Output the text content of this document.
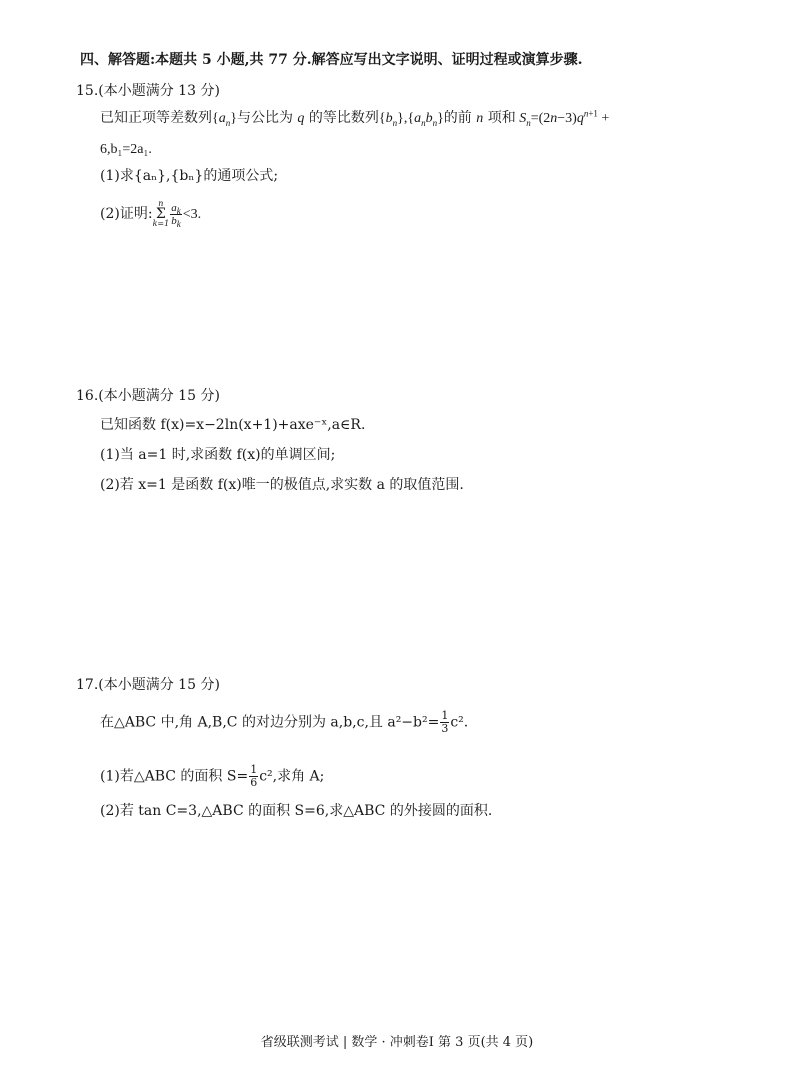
四、解答题:本题共 5 小题,共 77 分.解答应写出文字说明、证明过程或演算步骤.
15.(本小题满分 13 分)
已知正项等差数列$\{a_n\}$与公比为 q 的等比数列$\{b_n\},\{a_nb_n\}$的前 n 项和 $S_n=(2n-3)q^{n+1}$ +
6,b₁=2a₁.
(1)求{aₙ},{bₙ}的通项公式;
(2)证明:
n
Σ
$k=1 \frac{a_k}{b_k} <3$.
16.(本小题满分 15 分)
已知函数 f(x)=x−2ln(x+1)+axe⁻ˣ,a∈R.
(1)当 a=1 时,求函数 f(x)的单调区间;
(2)若 x=1 是函数 f(x)唯一的极值点,求实数 a 的取值范围.
17.(本小题满分 15 分)
在△ABC 中,角 A,B,C 的对边分别为 a,b,c,且 $a^2-b^2= \frac{1}{3} c^2$.
(1)若△ABC 的面积 $S= \frac{1}{6} c^2$,求角 A;
(2)若 tan C=3,△ABC 的面积 S=6,求△ABC 的外接圆的面积.
省级联测考试 | 数学 · 冲刺卷Ⅰ 第 3 页(共 4 页)
